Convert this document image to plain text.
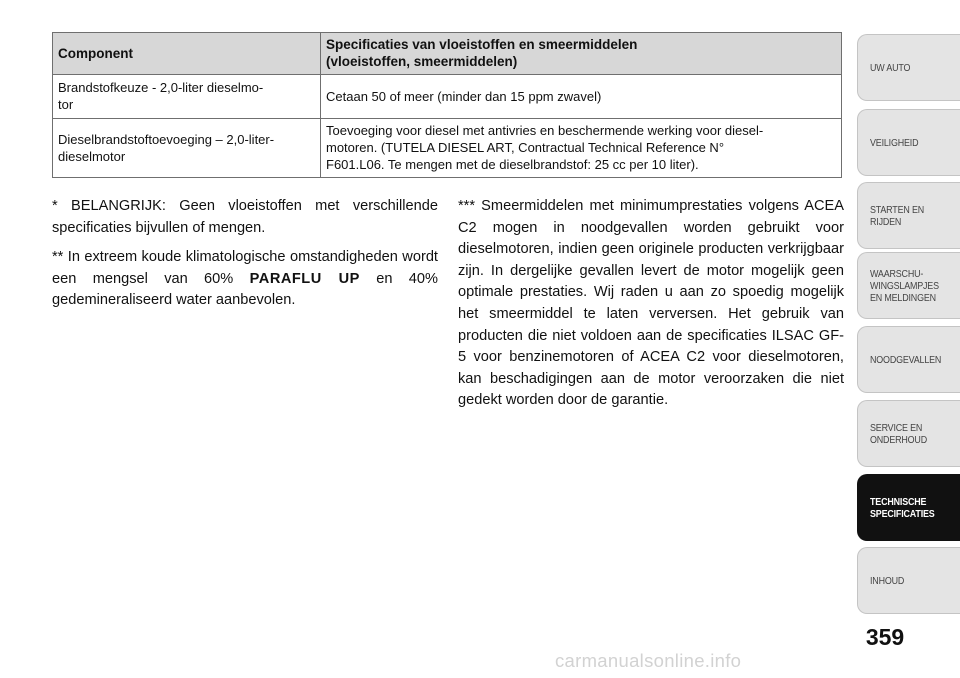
Component	Specificaties van vloeistoffen en smeermiddelen
(vloeistoffen, smeermiddelen)
Brandstofkeuze - 2,0-liter dieselmo-
tor	Cetaan 50 of meer (minder dan 15 ppm zwavel)
Dieselbrandstoftoevoeging – 2,0-liter-
dieselmotor	Toevoeging voor diesel met antivries en beschermende werking voor diesel-
motoren. (TUTELA DIESEL ART, Contractual Technical Reference N°
F601.L06. Te mengen met de dieselbrandstof: 25 cc per 10 liter).

* BELANGRIJK: Geen vloeistoffen met verschillende specificaties bijvullen of mengen.

** In extreem koude klimatologische omstandigheden wordt een mengsel van 60% PARAFLU UP en 40% gedemineraliseerd water aanbevolen.

*** Smeermiddelen met minimumprestaties volgens ACEA C2 mogen in noodgevallen worden gebruikt voor dieselmotoren, indien geen originele producten verkrijgbaar zijn. In dergelijke gevallen levert de motor mogelijk geen optimale prestaties. Wij raden u aan zo spoedig mogelijk het smeermiddel te laten verversen. Het gebruik van producten die niet voldoen aan de specificaties ILSAC GF-5 voor benzinemotoren of ACEA C2 voor dieselmotoren, kan beschadigingen aan de motor veroorzaken die niet gedekt worden door de garantie.

UW AUTO
VEILIGHEID
STARTEN EN
RIJDEN
WAARSCHU-
WINGSLAMPJES
EN MELDINGEN
NOODGEVALLEN
SERVICE EN
ONDERHOUD
TECHNISCHE
SPECIFICATIES
INHOUD
359
carmanualsonline.info
